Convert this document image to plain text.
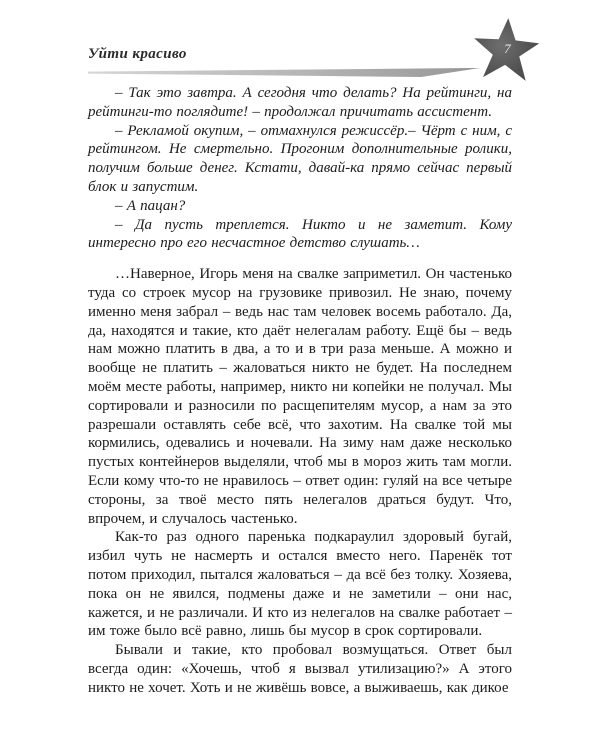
Уйти красиво	7

– Так это завтра. А сегодня что делать? На рейтинги, на рейтинги-то поглядите! – продолжал причитать ассистент.

– Рекламой окупим, – отмахнулся режиссёр.– Чёрт с ним, с рейтингом. Не смертельно. Прогоним дополнительные ролики, получим больше денег. Кстати, давай-ка прямо сейчас первый блок и запустим.

– А пацан?

– Да пусть треплется. Никто и не заметит. Кому интересно про его несчастное детство слушать…

…Наверное, Игорь меня на свалке заприметил. Он частенько туда со строек мусор на грузовике привозил. Не знаю, почему именно меня забрал – ведь нас там человек восемь работало. Да, да, находятся и такие, кто даёт нелегалам работу. Ещё бы – ведь нам можно платить в два, а то и в три раза меньше. А можно и вообще не платить – жаловаться никто не будет. На последнем моём месте работы, например, никто ни копейки не получал. Мы сортировали и разносили по расщепителям мусор, а нам за это разрешали оставлять себе всё, что захотим. На свалке той мы кормились, одевались и ночевали. На зиму нам даже несколько пустых контейнеров выделяли, чтоб мы в мороз жить там могли. Если кому что-то не нравилось – ответ один: гуляй на все четыре стороны, за твоё место пять нелегалов драться будут. Что, впрочем, и случалось частенько.

Как-то раз одного паренька подкараулил здоровый бугай, избил чуть не насмерть и остался вместо него. Паренёк тот потом приходил, пытался жаловаться – да всё без толку. Хозяева, пока он не явился, подмены даже и не заметили – они нас, кажется, и не различали. И кто из нелегалов на свалке работает – им тоже было всё равно, лишь бы мусор в срок сортировали.

Бывали и такие, кто пробовал возмущаться. Ответ был всегда один: «Хочешь, чтоб я вызвал утилизацию?» А этого никто не хочет. Хоть и не живёшь вовсе, а выживаешь, как дикое
